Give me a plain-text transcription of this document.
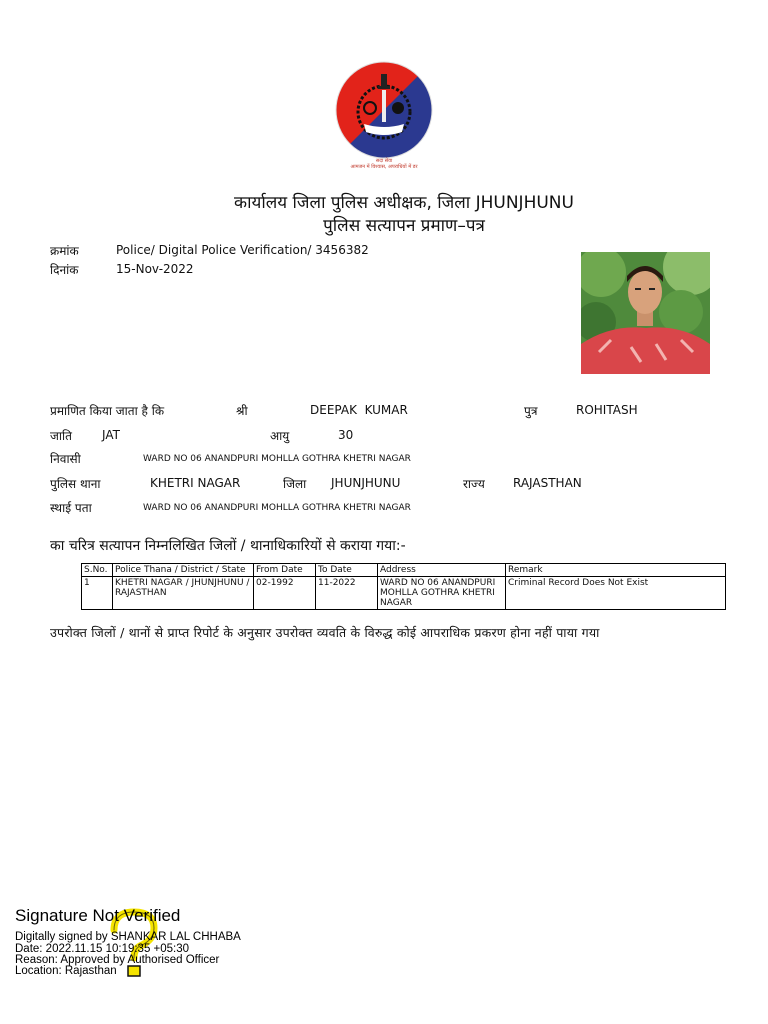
सदा सेवा
आमजन में विश्वास, अपराधियों में डर
कार्यालय जिला पुलिस अधीक्षक, जिला JHUNJHUNU
पुलिस सत्यापन प्रमाण–पत्र
क्रमांक	Police/ Digital Police Verification/ 3456382
दिनांक	15-Nov-2022
प्रमाणित किया जाता है कि	श्री	DEEPAK  KUMAR	पुत्र	ROHITASH
जाति	JAT	आयु	30
निवासी	WARD NO 06 ANANDPURI MOHLLA GOTHRA KHETRI NAGAR
पुलिस थाना	KHETRI NAGAR	जिला JHUNJHUNU	राज्य RAJASTHAN
स्थाई पता	WARD NO 06 ANANDPURI MOHLLA GOTHRA KHETRI NAGAR
का चरित्र सत्यापन निम्नलिखित जिलों / थानाधिकारियों से कराया गया:-
S.No.	Police Thana / District / State	From Date	To Date	Address	Remark
1	KHETRI NAGAR / JHUNJHUNU / RAJASTHAN	02-1992	11-2022	WARD NO 06 ANANDPURI MOHLLA GOTHRA KHETRI NAGAR	Criminal Record Does Not Exist
उपरोक्त जिलों / थानों से प्राप्त रिपोर्ट के अनुसार उपरोक्त व्यवति के विरुद्ध कोई आपराधिक प्रकरण होना नहीं पाया गया
Signature Not Verified
Digitally signed by SHANKAR LAL CHHABA
Date: 2022.11.15 10:19:35 +05:30
Reason: Approved by Authorised Officer
Location: Rajasthan
